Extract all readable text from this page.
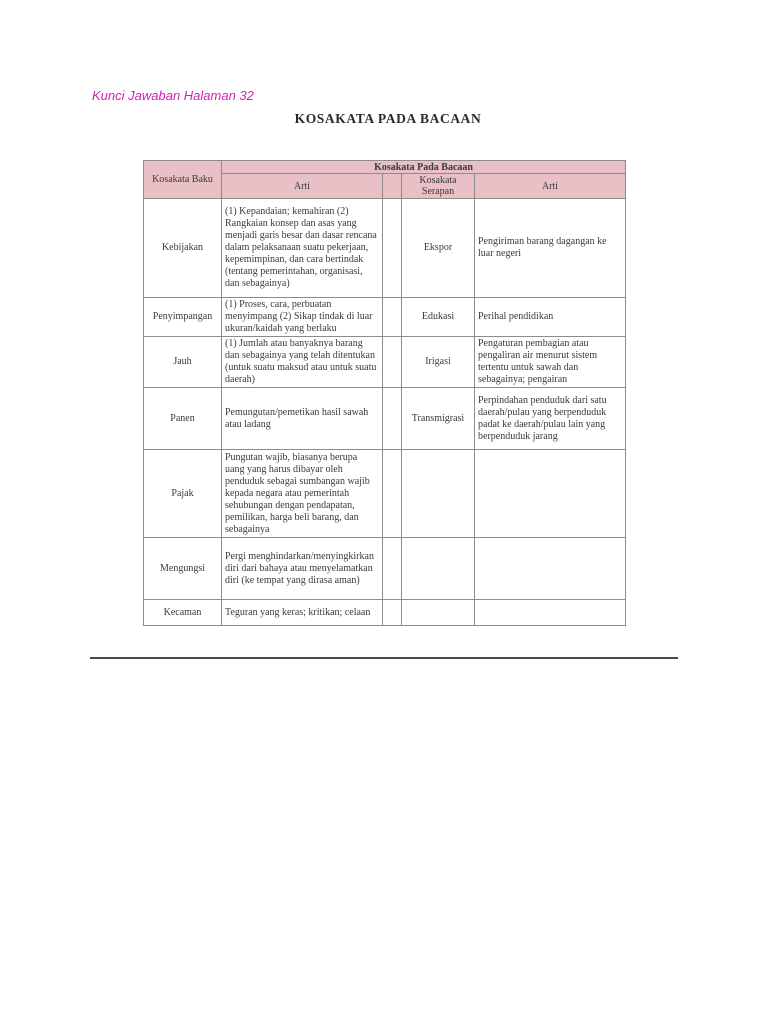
Kunci Jawaban Halaman 32
KOSAKATA PADA BACAAN
Kosakata Baku	Kosakata Pada Bacaan			
	Arti		Kosakata Serapan	Arti
Kebijakan	(1) Kepandaian; kemahiran (2) Rangkaian konsep dan asas yang menjadi garis besar dan dasar rencana dalam pelaksanaan suatu pekerjaan, kepemimpinan, dan cara bertindak (tentang pemerintahan, organisasi, dan sebagainya)		Ekspor	Pengiriman barang dagangan ke luar negeri
Penyimpangan	(1) Proses, cara, perbuatan menyimpang (2) Sikap tindak di luar ukuran/kaidah yang berlaku		Edukasi	Perihal pendidikan
Jauh	(1) Jumlah atau banyaknya barang dan sebagainya yang telah ditentukan (untuk suatu maksud atau untuk suatu daerah)		Irigasi	Pengaturan pembagian atau pengaliran air menurut sistem tertentu untuk sawah dan sebagainya; pengairan
Panen	Pemungutan/pemetikan hasil sawah atau ladang		Transmigrasi	Perpindahan penduduk dari satu daerah/pulau yang berpenduduk padat ke daerah/pulau lain yang berpenduduk jarang
Pajak	Pungutan wajib, biasanya berupa uang yang harus dibayar oleh penduduk sebagai sumbangan wajib kepada negara atau pemerintah sehubungan dengan pendapatan, pemilikan, harga beli barang, dan sebagainya			
Mengungsi	Pergi menghindarkan/menyingkirkan diri dari bahaya atau menyelamatkan diri (ke tempat yang dirasa aman)			
Kecaman	Teguran yang keras; kritikan; celaan			
